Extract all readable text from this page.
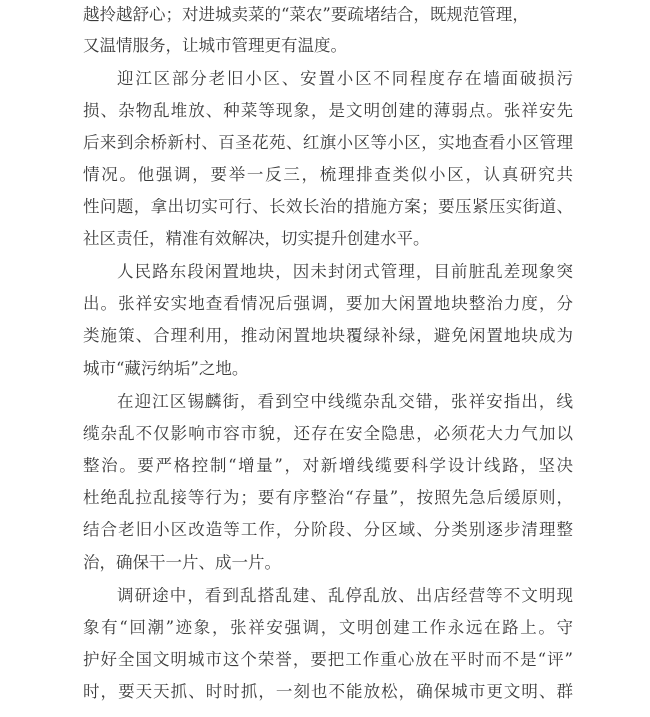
越拎越舒心；对进城卖菜的“菜农”要疏堵结合，既规范管理，
又温情服务，让城市管理更有温度。
迎江区部分老旧小区、安置小区不同程度存在墙面破损污
损、杂物乱堆放、种菜等现象，是文明创建的薄弱点。张祥安先
后来到余桥新村、百圣花苑、红旗小区等小区，实地查看小区管理
情况。他强调，要举一反三，梳理排查类似小区，认真研究共
性问题，拿出切实可行、长效长治的措施方案；要压紧压实街道、
社区责任，精准有效解决，切实提升创建水平。
人民路东段闲置地块，因未封闭式管理，目前脏乱差现象突
出。张祥安实地查看情况后强调，要加大闲置地块整治力度，分
类施策、合理利用，推动闲置地块覆绿补绿，避免闲置地块成为
城市“藏污纳垢”之地。
在迎江区锡麟街，看到空中线缆杂乱交错，张祥安指出，线
缆杂乱不仅影响市容市貌，还存在安全隐患，必须花大力气加以
整治。要严格控制“增量”，对新增线缆要科学设计线路，坚决
杜绝乱拉乱接等行为；要有序整治“存量”，按照先急后缓原则，
结合老旧小区改造等工作，分阶段、分区域、分类别逐步清理整
治，确保干一片、成一片。
调研途中，看到乱搭乱建、乱停乱放、出店经营等不文明现
象有“回潮”迹象，张祥安强调，文明创建工作永远在路上。守
护好全国文明城市这个荣誉，要把工作重心放在平时而不是“评”
时，要天天抓、时时抓，一刻也不能放松，确保城市更文明、群
